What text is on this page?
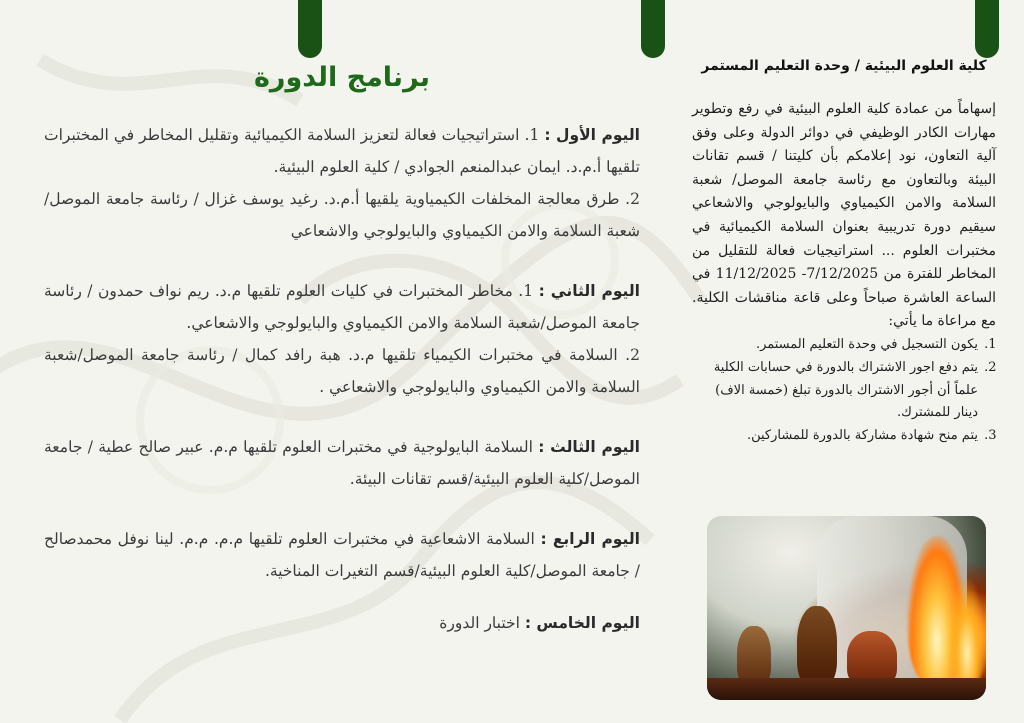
كلية العلوم البيئية / وحدة التعليم المستمر
إسهاماً من عمادة كلية العلوم البيئية في رفع وتطوير مهارات الكادر الوظيفي في دوائر الدولة وعلى وفق آلية التعاون، نود إعلامكم بأن كليتنا / قسم تقانات البيئة وبالتعاون مع رئاسة جامعة الموصل/ شعبة السلامة والامن الكيمياوي والبايولوجي والاشعاعي سيقيم دورة تدريبية بعنوان السلامة الكيميائية في مختبرات العلوم ... استراتيجيات فعالة للتقليل من المخاطر للفترة من 7/12/2025- 11/12/2025 في الساعة العاشرة صباحاً وعلى قاعة مناقشات الكلية. مع مراعاة ما يأتي:
1. يكون التسجيل في وحدة التعليم المستمر.
2. يتم دفع اجور الاشتراك بالدورة في حسابات الكلية علماً أن أجور الاشتراك بالدورة تبلغ (خمسة الاف) دينار للمشترك.
3. يتم منح شهادة مشاركة بالدورة للمشاركين.
برنامج الدورة
اليوم الأول : 1. استراتيجيات فعالة لتعزيز السلامة الكيميائية وتقليل المخاطر في المختبرات تلقيها أ.م.د. ايمان عبدالمنعم الجوادي / كلية العلوم البيئية.
2. طرق معالجة المخلفات الكيمياوية يلقيها أ.م.د. رغيد يوسف غزال / رئاسة جامعة الموصل/شعبة السلامة والامن الكيمياوي والبايولوجي والاشعاعي
اليوم الثاني : 1. مخاطر المختبرات في كليات العلوم تلقيها م.د. ريم نواف حمدون / رئاسة جامعة الموصل/شعبة السلامة والامن الكيمياوي والبايولوجي والاشعاعي.
2. السلامة في مختبرات الكيمياء تلقيها م.د. هبة رافد كمال / رئاسة جامعة الموصل/شعبة السلامة والامن الكيمياوي والبايولوجي والاشعاعي .
اليوم الثالث : السلامة البايولوجية في مختبرات العلوم تلقيها م.م. عبير صالح عطية / جامعة الموصل/كلية العلوم البيئية/قسم تقانات البيئة.
اليوم الرابع : السلامة الاشعاعية في مختبرات العلوم تلقيها م.م. م.م. لينا نوفل محمدصالح / جامعة الموصل/كلية العلوم البيئية/قسم التغيرات المناخية.
اليوم الخامس : اختبار الدورة
